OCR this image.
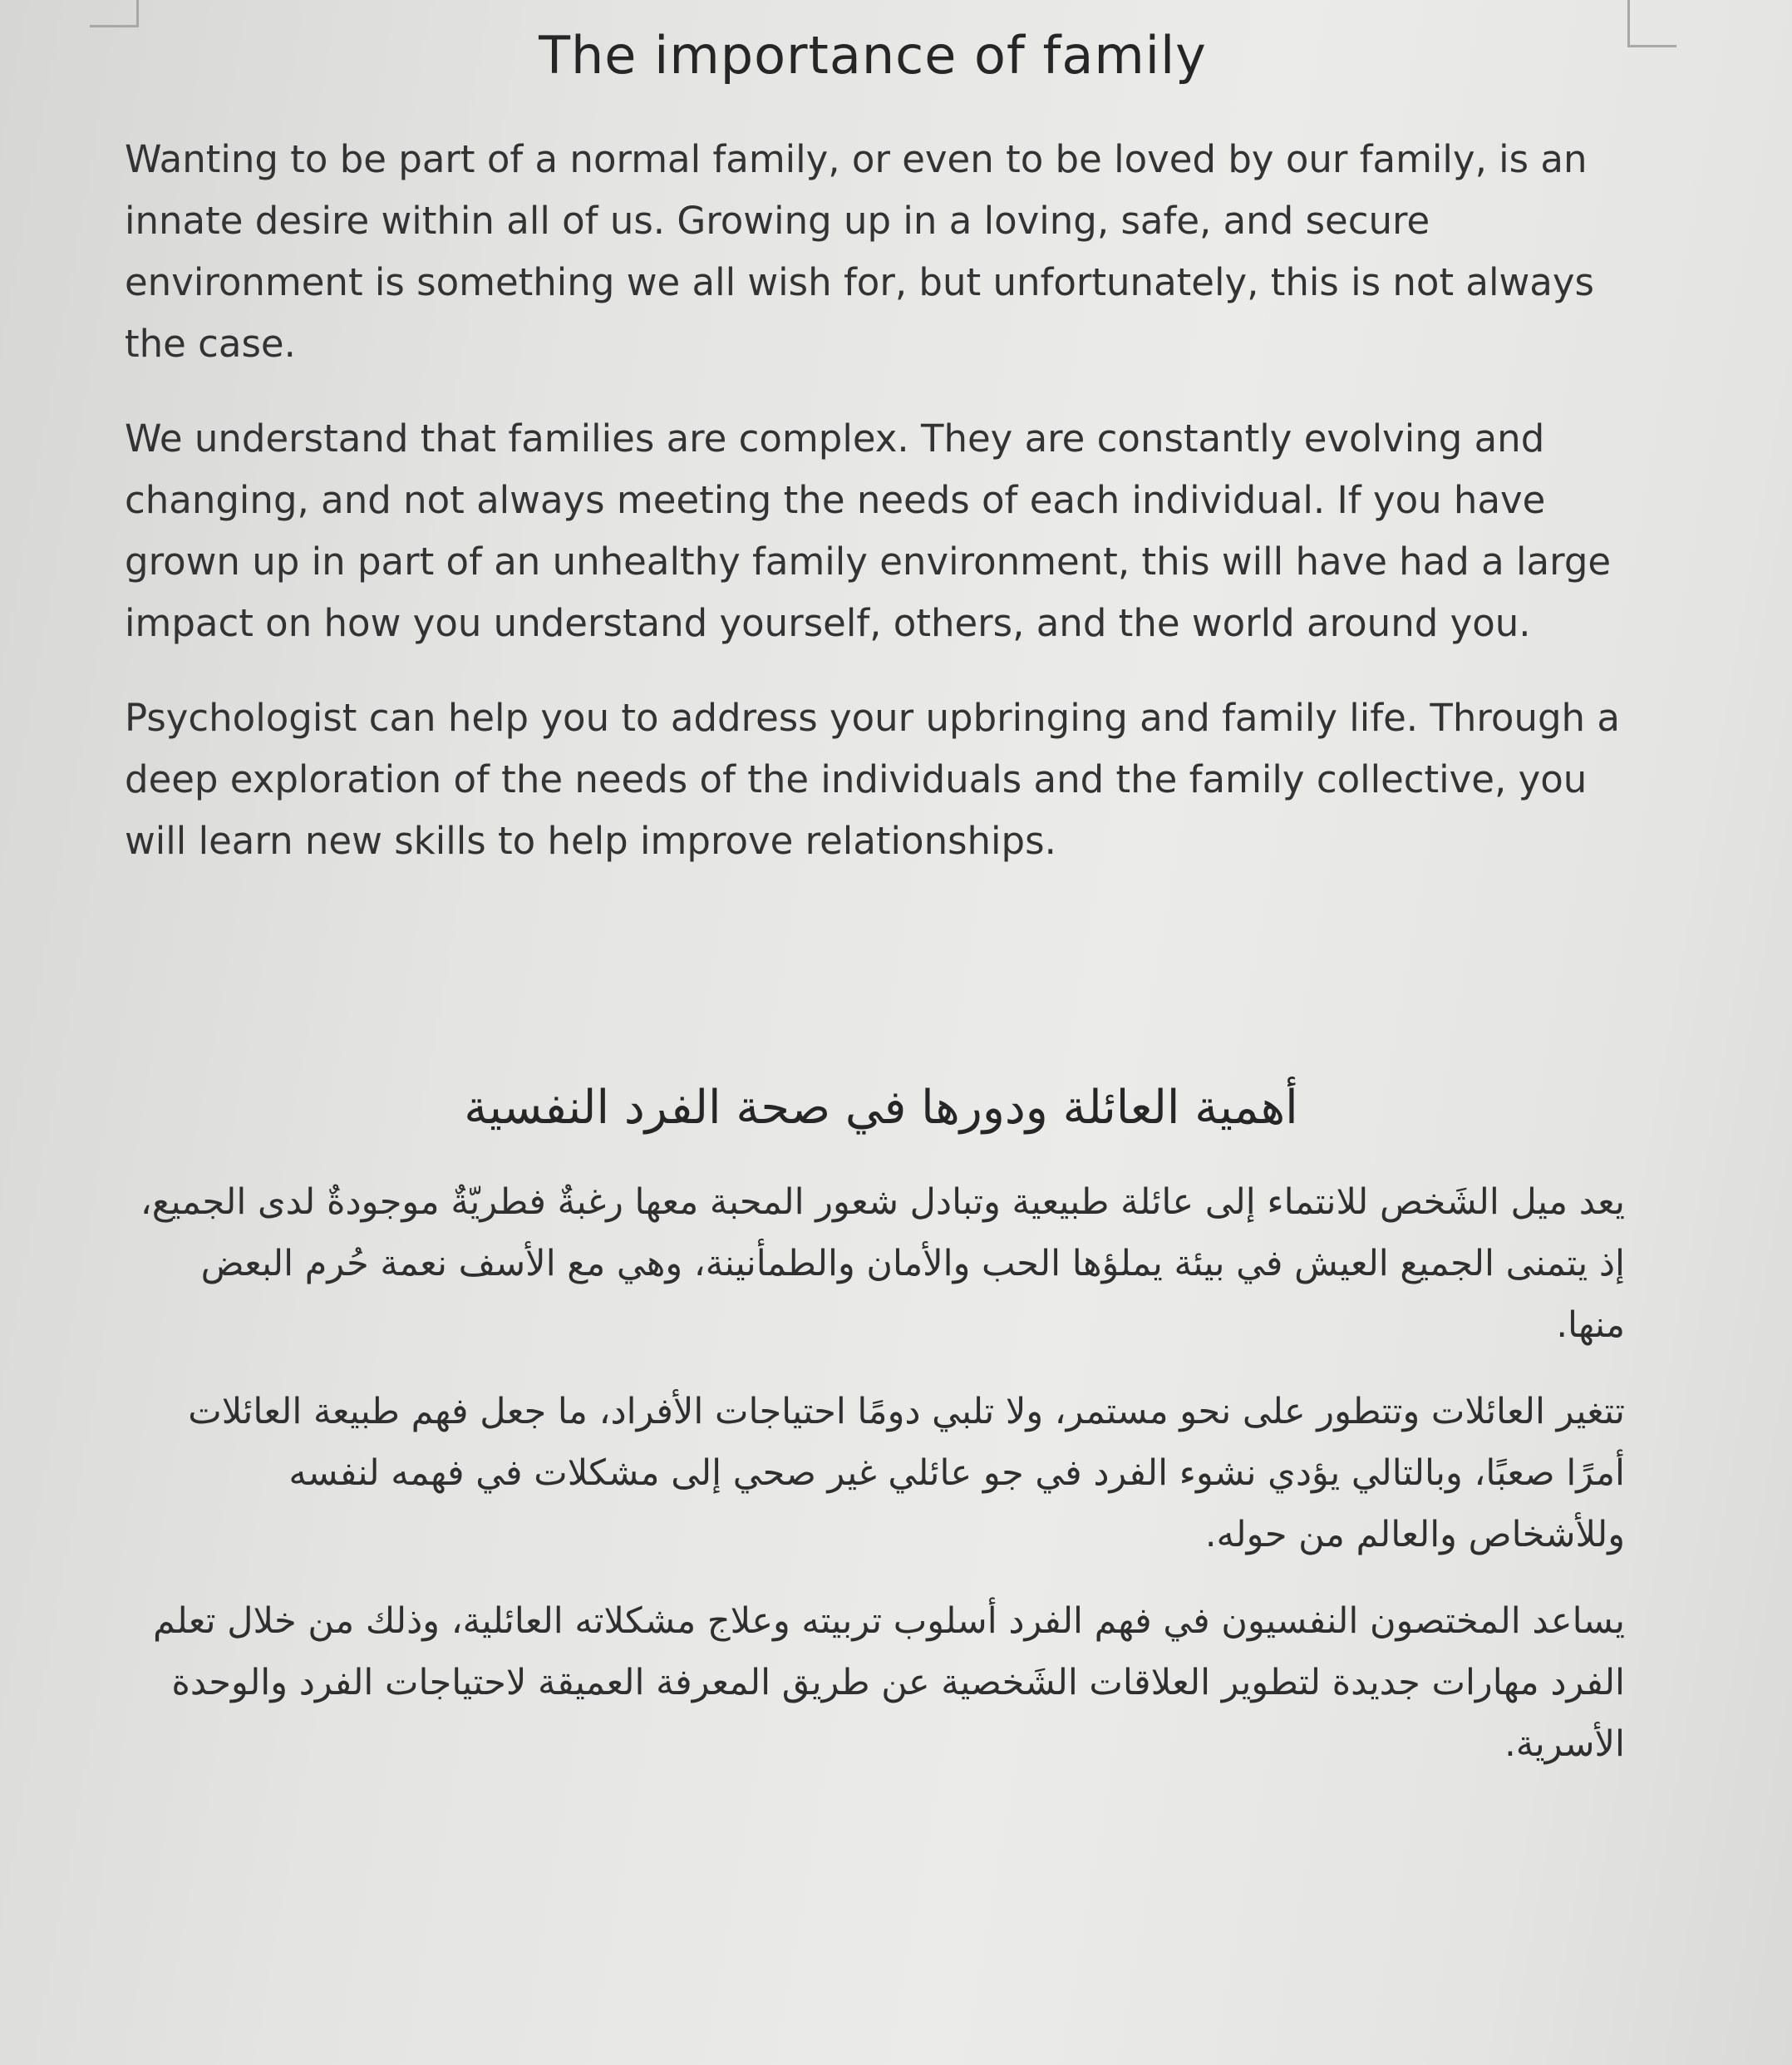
The importance of family

Wanting to be part of a normal family, or even to be loved by our family, is an innate desire within all of us. Growing up in a loving, safe, and secure environment is something we all wish for, but unfortunately, this is not always the case.

We understand that families are complex. They are constantly evolving and changing, and not always meeting the needs of each individual. If you have grown up in part of an unhealthy family environment, this will have had a large impact on how you understand yourself, others, and the world around you.

Psychologist can help you to address your upbringing and family life. Through a deep exploration of the needs of the individuals and the family collective, you will learn new skills to help improve relationships.

أهمية العائلة ودورها في صحة الفرد النفسية

يعد ميل الشَخص للانتماء إلى عائلة طبيعية وتبادل شعور المحبة معها رغبةٌ فطريّةٌ موجودةٌ لدى الجميع، إذ يتمنى الجميع العيش في بيئة يملؤها الحب والأمان والطمأنينة، وهي مع الأسف نعمة حُرم البعض منها.

تتغير العائلات وتتطور على نحو مستمر، ولا تلبي دومًا احتياجات الأفراد، ما جعل فهم طبيعة العائلات أمرًا صعبًا، وبالتالي يؤدي نشوء الفرد في جو عائلي غير صحي إلى مشكلات في فهمه لنفسه وللأشخاص والعالم من حوله.

يساعد المختصون النفسيون في فهم الفرد أسلوب تربيته وعلاج مشكلاته العائلية، وذلك من خلال تعلم الفرد مهارات جديدة لتطوير العلاقات الشَخصية عن طريق المعرفة العميقة لاحتياجات الفرد والوحدة الأسرية.
